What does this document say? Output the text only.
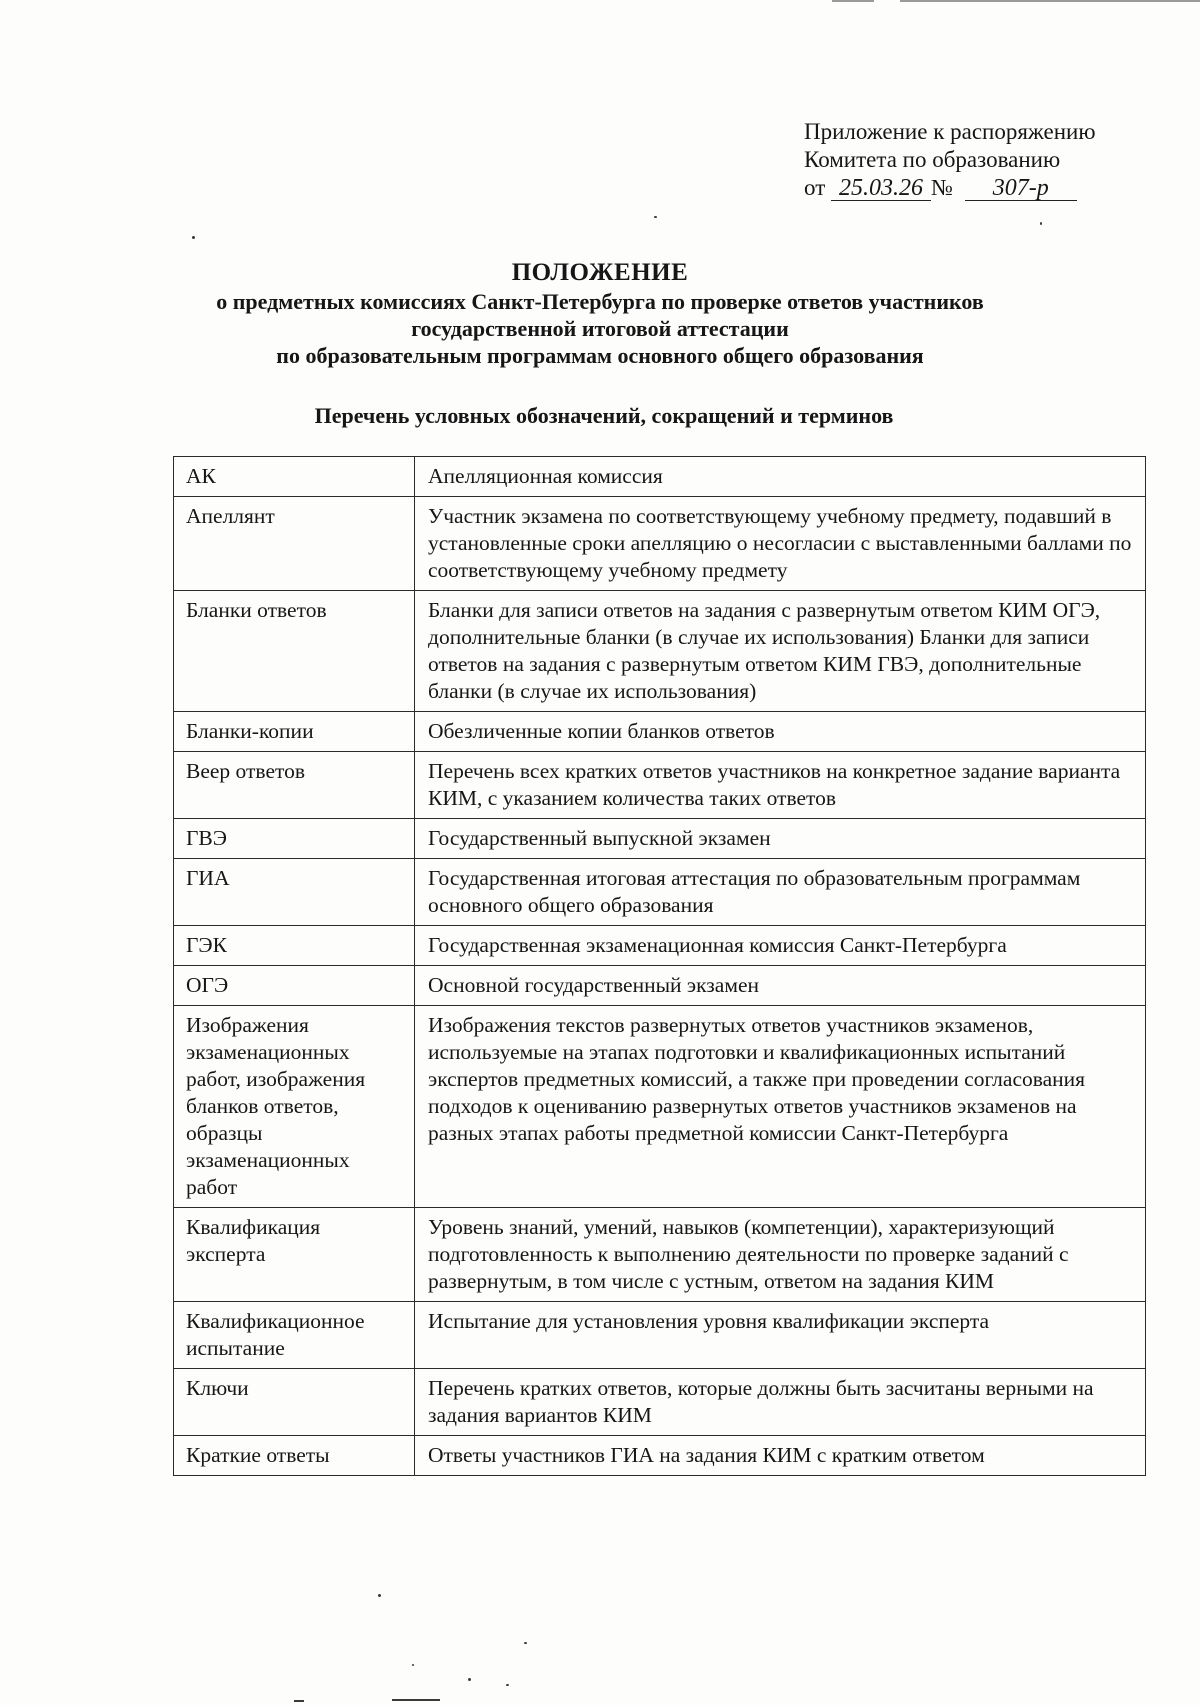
Приложение к распоряжению
Комитета по образованию
от 25.03.26 № 307-р
ПОЛОЖЕНИЕ
о предметных комиссиях Санкт-Петербурга по проверке ответов участников
государственной итоговой аттестации
по образовательным программам основного общего образования
Перечень условных обозначений, сокращений и терминов
АК	Апелляционная комиссия
Апеллянт	Участник экзамена по соответствующему учебному предмету, подавший в установленные сроки апелляцию о несогласии с выставленными баллами по соответствующему учебному предмету
Бланки ответов	Бланки для записи ответов на задания с развернутым ответом КИМ ОГЭ, дополнительные бланки (в случае их использования) Бланки для записи ответов на задания с развернутым ответом КИМ ГВЭ, дополнительные бланки (в случае их использования)
Бланки-копии	Обезличенные копии бланков ответов
Веер ответов	Перечень всех кратких ответов участников на конкретное задание варианта КИМ, с указанием количества таких ответов
ГВЭ	Государственный выпускной экзамен
ГИА	Государственная итоговая аттестация по образовательным программам основного общего образования
ГЭК	Государственная экзаменационная комиссия Санкт-Петербурга
ОГЭ	Основной государственный экзамен
Изображения экзаменационных работ, изображения бланков ответов, образцы экзаменационных работ	Изображения текстов развернутых ответов участников экзаменов, используемые на этапах подготовки и квалификационных испытаний экспертов предметных комиссий, а также при проведении согласования подходов к оцениванию развернутых ответов участников экзаменов на разных этапах работы предметной комиссии Санкт-Петербурга
Квалификация эксперта	Уровень знаний, умений, навыков (компетенции), характеризующий подготовленность к выполнению деятельности по проверке заданий с развернутым, в том числе с устным, ответом на задания КИМ
Квалификационное испытание	Испытание для установления уровня квалификации эксперта
Ключи	Перечень кратких ответов, которые должны быть засчитаны верными на задания вариантов КИМ
Краткие ответы	Ответы участников ГИА на задания КИМ с кратким ответом
